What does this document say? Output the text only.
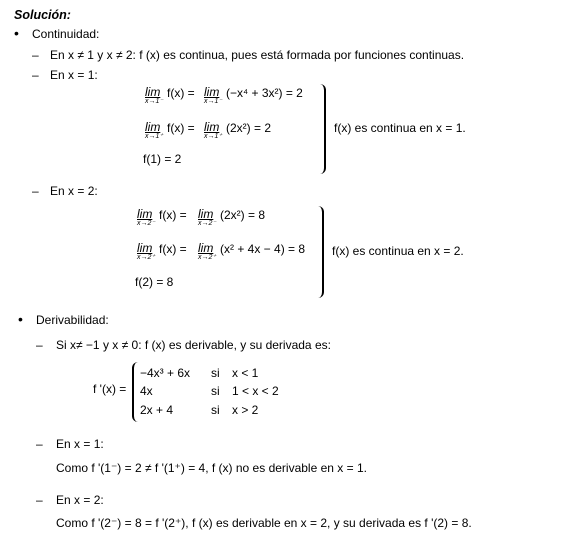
Solución:
• Continuidad:
– En x ≠ 1 y x ≠ 2: f (x) es continua, pues está formada por funciones continuas.
– En x = 1:
lim
x→1⁻
f(x) = lim
x→1⁻
(−x⁴ + 3x²) = 2
lim
x→1⁺
f(x) = lim
x→1⁺
(2x²) = 2
f(1) = 2
f(x) es continua en x = 1.
– En x = 2:
lim
x→2⁻
f(x) = lim
x→2⁻
(2x²) = 8
lim
x→2⁺
f(x) = lim
x→2⁺
(x² + 4x − 4) = 8
f(2) = 8
f(x) es continua en x = 2.
• Derivabilidad:
– Si x≠ −1 y x ≠ 0: f (x) es derivable, y su derivada es:
f '(x) =
−4x³ + 6x si x < 1
4x	si 1 < x < 2
2x + 4	si x > 2
– En x = 1:
Como f '(1⁻) = 2 ≠ f '(1⁺) = 4, f (x) no es derivable en x = 1.
– En x = 2:
Como f '(2⁻) = 8 = f '(2⁺), f (x) es derivable en x = 2, y su derivada es f '(2) = 8.
